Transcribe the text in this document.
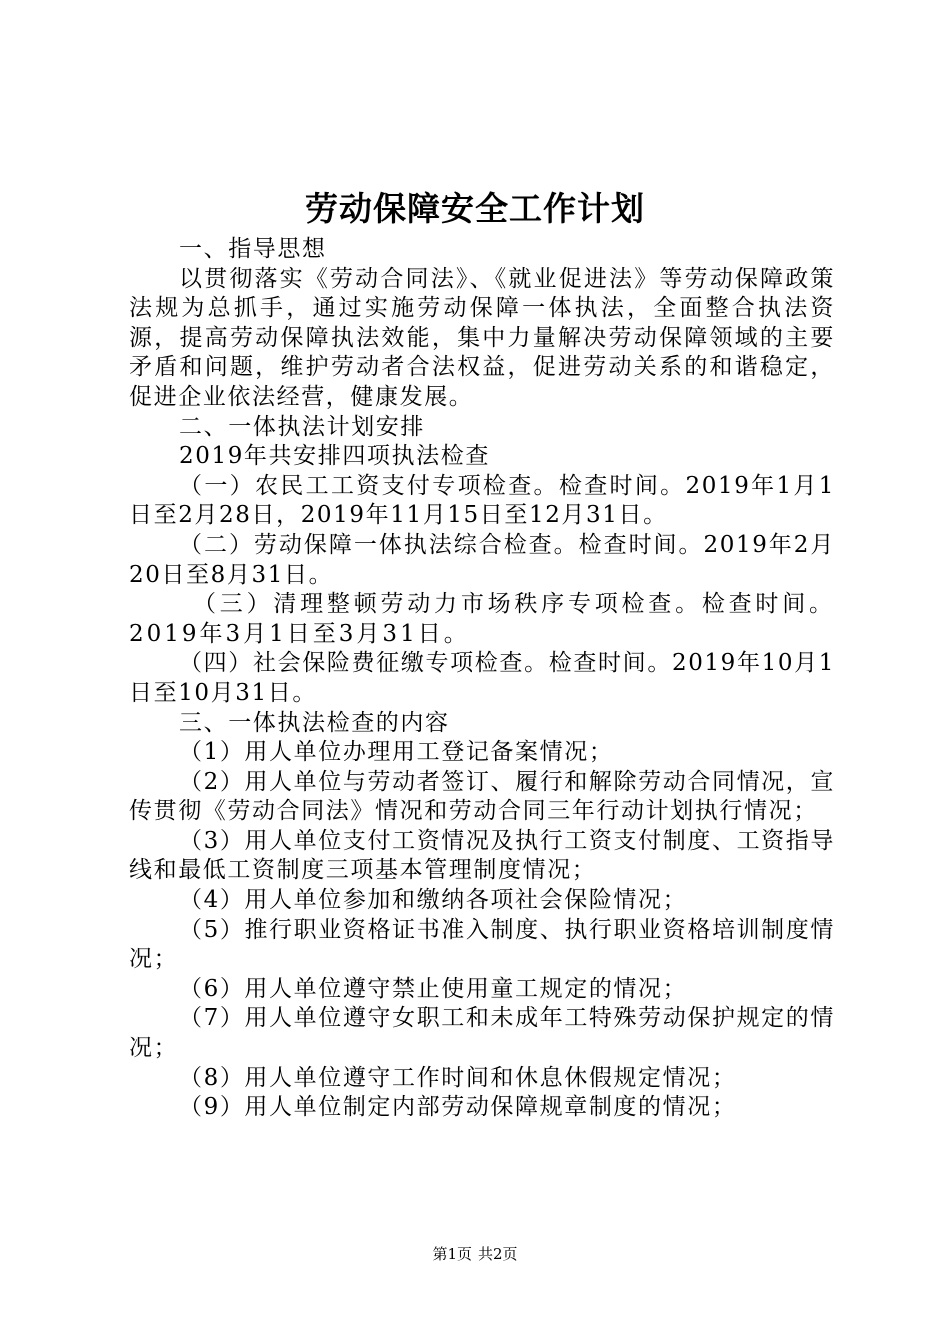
劳动保障安全工作计划

一、指导思想

以贯彻落实《劳动合同法》、《就业促进法》等劳动保障政策法规为总抓手，通过实施劳动保障一体执法，全面整合执法资源，提高劳动保障执法效能，集中力量解决劳动保障领域的主要矛盾和问题，维护劳动者合法权益，促进劳动关系的和谐稳定，促进企业依法经营，健康发展。

二、一体执法计划安排

2019年共安排四项执法检查

（一）农民工工资支付专项检查。检查时间。2019年1月1日至2月28日，2019年11月15日至12月31日。

（二）劳动保障一体执法综合检查。检查时间。2019年2月20日至8月31日。

（三）清理整顿劳动力市场秩序专项检查。检查时间。2019年3月1日至3月31日。

（四）社会保险费征缴专项检查。检查时间。2019年10月1日至10月31日。

三、一体执法检查的内容

（1）用人单位办理用工登记备案情况；

（2）用人单位与劳动者签订、履行和解除劳动合同情况，宣传贯彻《劳动合同法》情况和劳动合同三年行动计划执行情况；

（3）用人单位支付工资情况及执行工资支付制度、工资指导线和最低工资制度三项基本管理制度情况；

（4）用人单位参加和缴纳各项社会保险情况；

（5）推行职业资格证书准入制度、执行职业资格培训制度情况；

（6）用人单位遵守禁止使用童工规定的情况；

（7）用人单位遵守女职工和未成年工特殊劳动保护规定的情况；

（8）用人单位遵守工作时间和休息休假规定情况；

（9）用人单位制定内部劳动保障规章制度的情况；

第1页 共2页
